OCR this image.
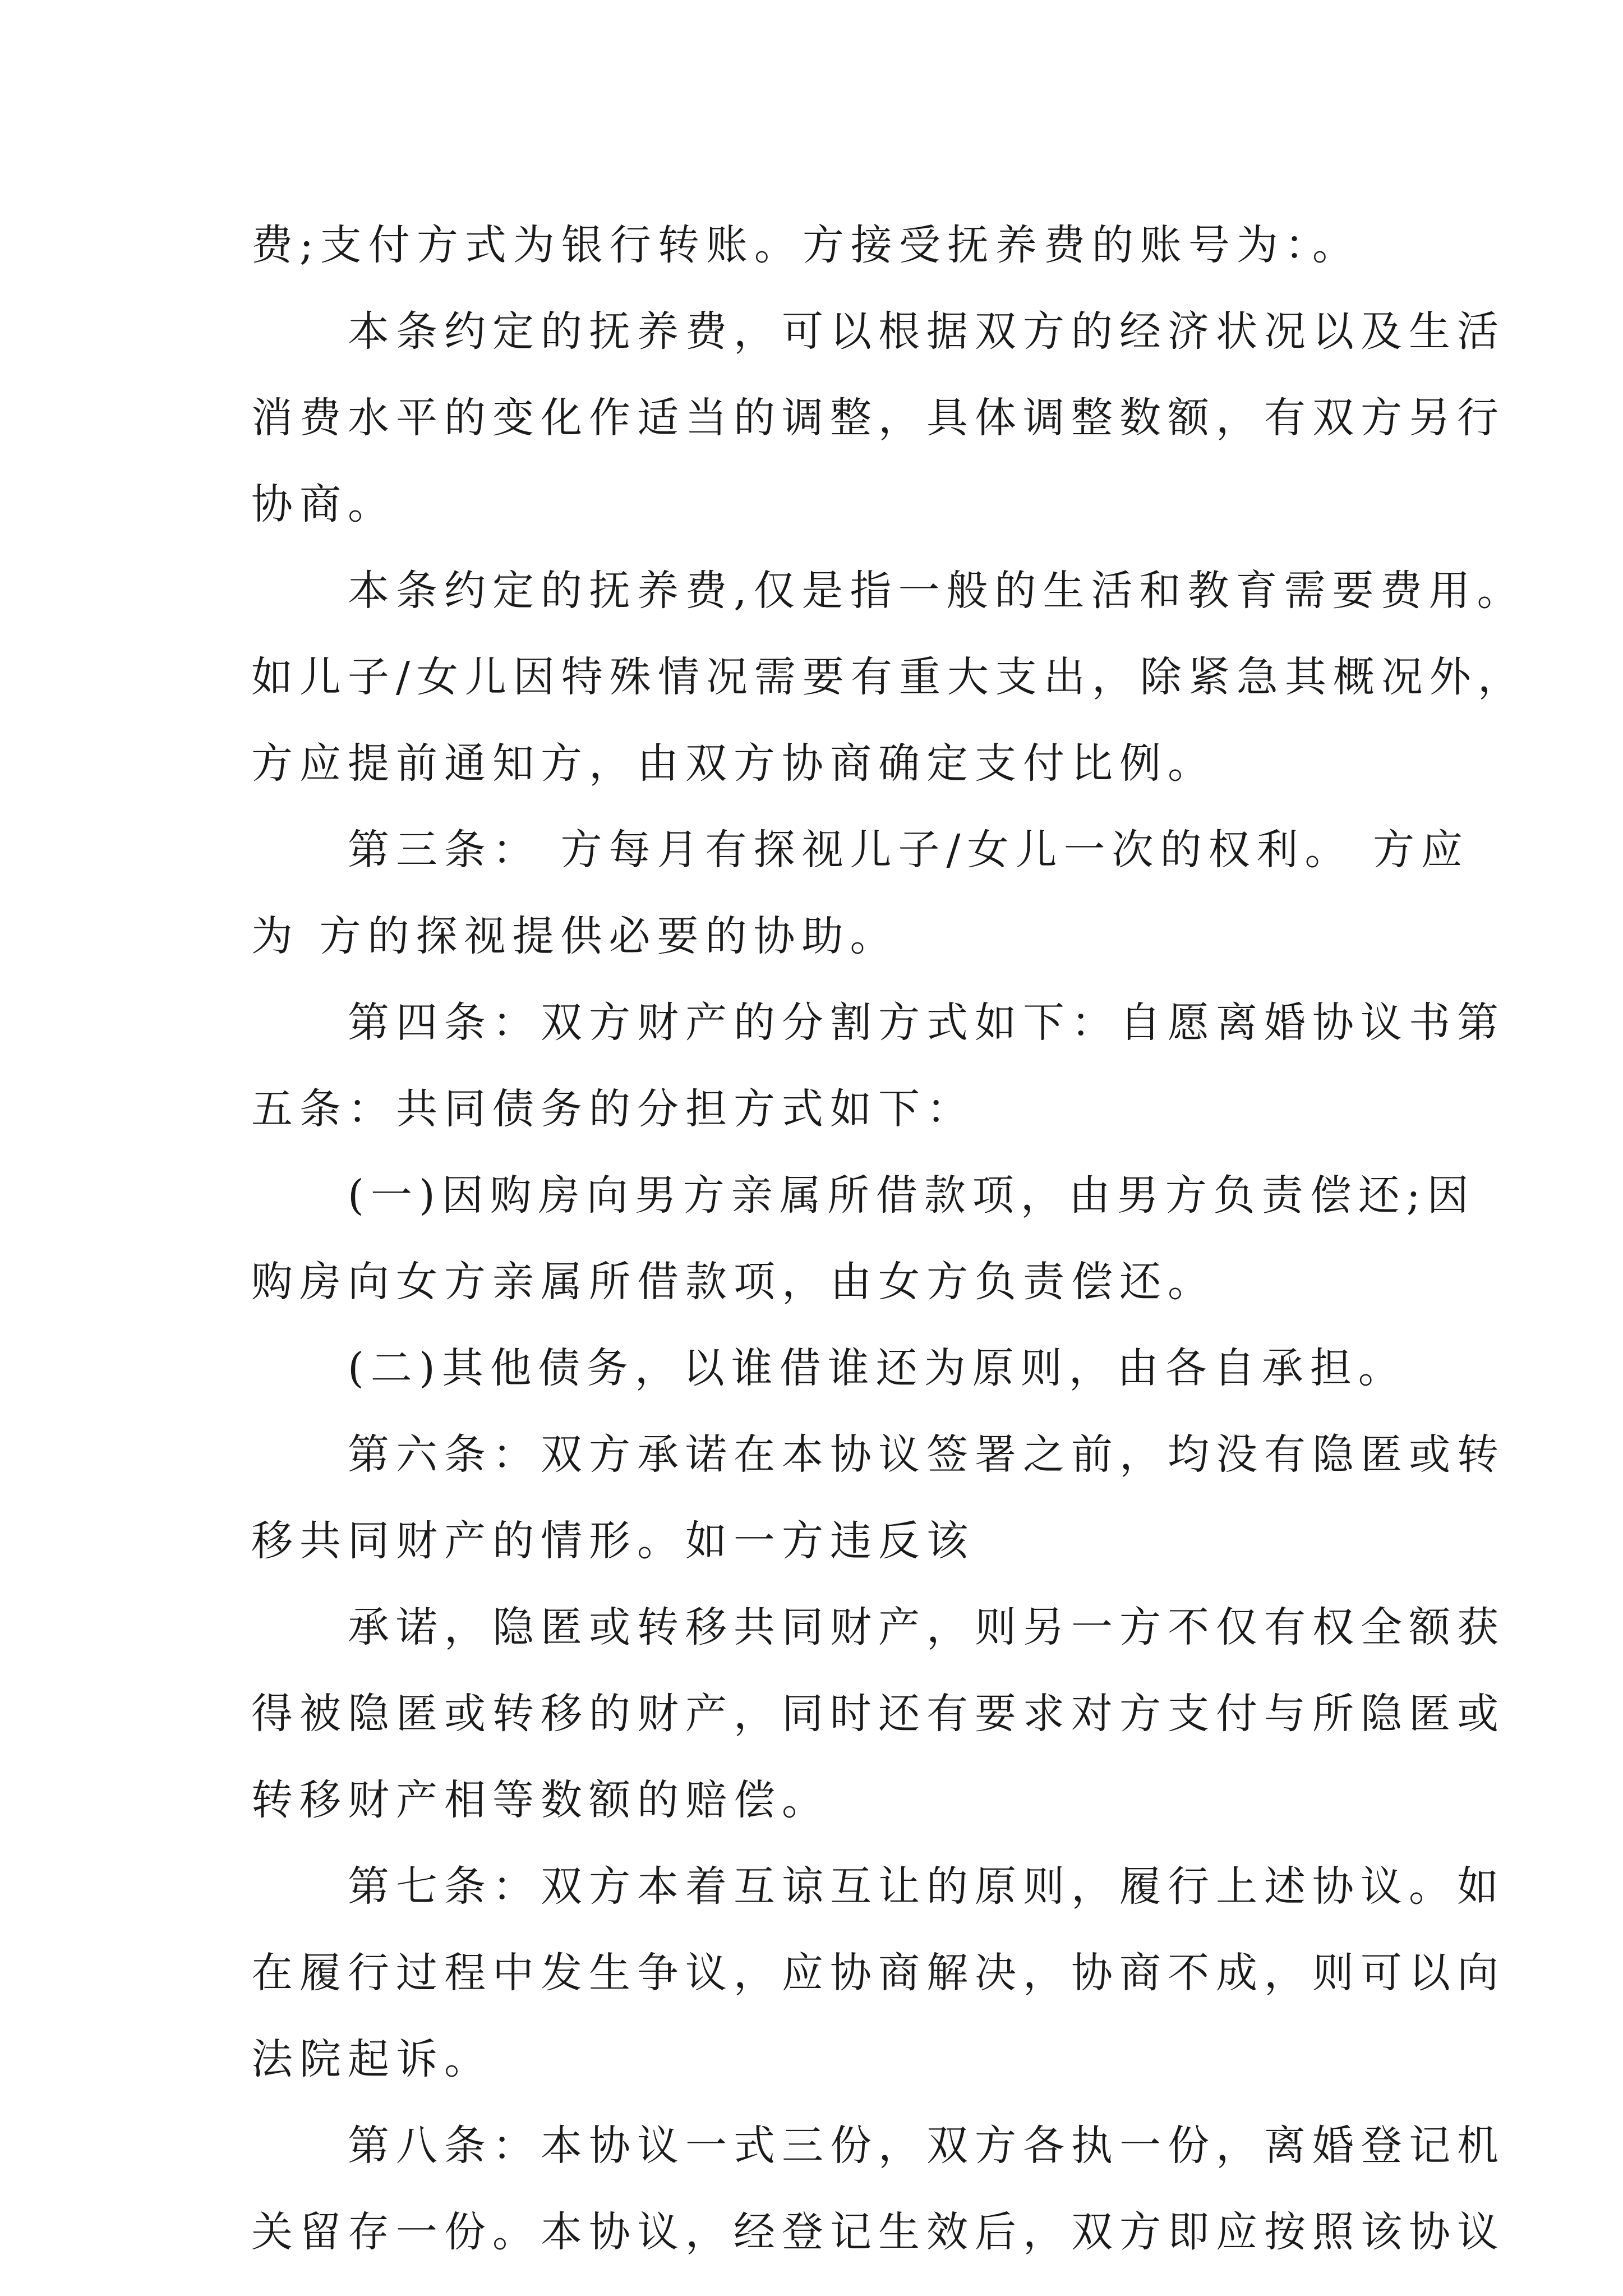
费;支付方式为银行转账。方接受抚养费的账号为：。
　　本条约定的抚养费，可以根据双方的经济状况以及生活
消费水平的变化作适当的调整，具体调整数额，有双方另行
协商。
　　本条约定的抚养费,仅是指一般的生活和教育需要费用。
如儿子/女儿因特殊情况需要有重大支出，除紧急其概况外，
方应提前通知方，由双方协商确定支付比例。
　　第三条： 方每月有探视儿子/女儿一次的权利。 方应
为 方的探视提供必要的协助。
　　第四条：双方财产的分割方式如下：自愿离婚协议书第
五条：共同债务的分担方式如下：
　　(一)因购房向男方亲属所借款项，由男方负责偿还;因
购房向女方亲属所借款项，由女方负责偿还。
　　(二)其他债务，以谁借谁还为原则，由各自承担。
　　第六条：双方承诺在本协议签署之前，均没有隐匿或转
移共同财产的情形。如一方违反该
　　承诺，隐匿或转移共同财产，则另一方不仅有权全额获
得被隐匿或转移的财产，同时还有要求对方支付与所隐匿或
转移财产相等数额的赔偿。
　　第七条：双方本着互谅互让的原则，履行上述协议。如
在履行过程中发生争议，应协商解决，协商不成，则可以向
法院起诉。
　　第八条：本协议一式三份，双方各执一份，离婚登记机
关留存一份。本协议，经登记生效后，双方即应按照该协议
